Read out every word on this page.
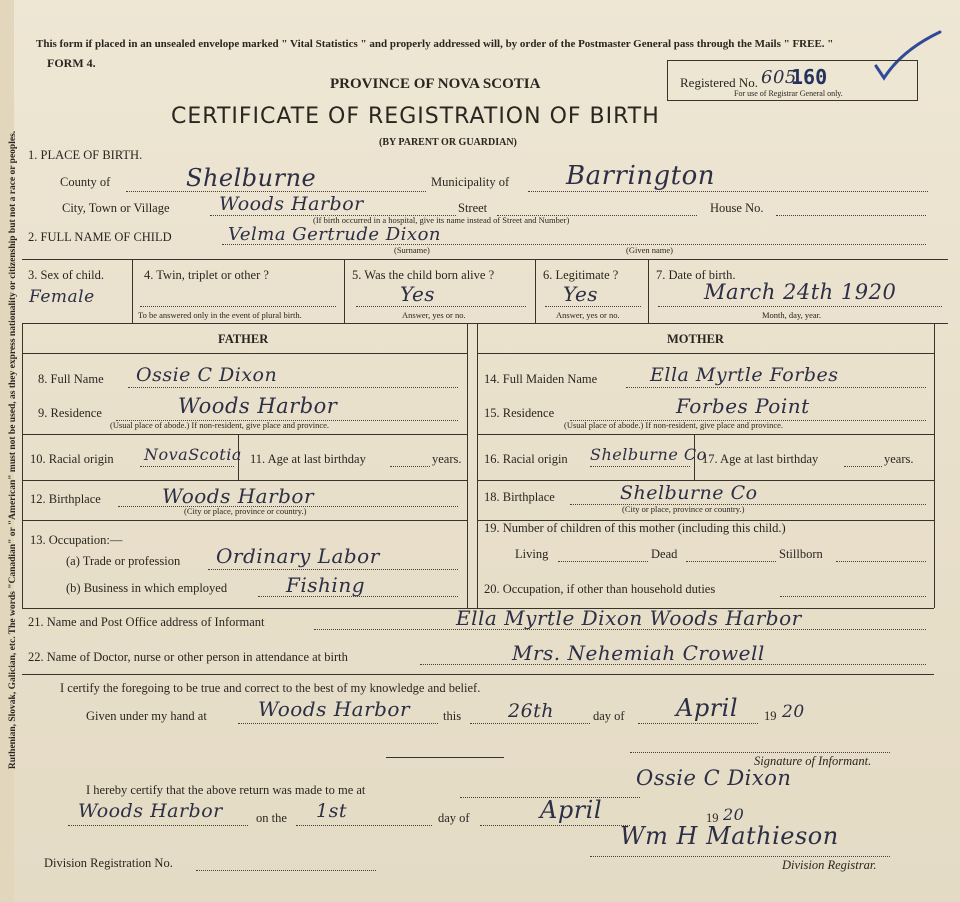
Ruthenian, Slovak, Galician, etc. The words "Canadian" or "American" must not be used, as they express nationality or citizenship but not a race or peoples.
This form if placed in an unsealed envelope marked " Vital Statistics " and properly addressed will, by order of the Postmaster General pass through the Mails " FREE. "
FORM 4.
PROVINCE OF NOVA SCOTIA
CERTIFICATE OF REGISTRATION OF BIRTH
(BY PARENT OR GUARDIAN)
Registered No. 605
160
For use of Registrar General only.
1. PLACE OF BIRTH.
County of	Shelburne	Municipality of Barrington
City, Town or Village	Woods Harbor	Street
(If birth occurred in a hospital, give its name instead of Street and Number)
House No.
2. FULL NAME OF CHILD	Velma Gertrude Dixon
(Surname)	(Given name)
3. Sex of child.
Female
4. Twin, triplet or other ?
To be answered only in the event of plural birth.
5. Was the child born alive ?
Yes
Answer, yes or no.
6. Legitimate ?
Yes
Answer, yes or no.
7. Date of birth.
March 24th 1920
Month, day, year.
FATHER	MOTHER
8. Full Name Ossie C Dixon
9. Residence	Woods Harbor
(Usual place of abode.) If non-resident, give place and province.
10. Racial origin NovaScotia 11. Age at last birthday	years.
12. Birthplace	Woods Harbor
(City or place, province or country.)
13. Occupation:—
(a) Trade or profession Ordinary Labor
(b) Business in which employed	Fishing
14. Full Maiden Name	Ella Myrtle Forbes
15. Residence	Forbes Point
(Usual place of abode.) If non-resident, give place and province.
16. Racial origin Shelburne Co
17. Age at last birthday	years.
18. Birthplace	Shelburne Co
(City or place, province or country.)
19. Number of children of this mother (including this child.)
Living	Dead	Stillborn
20. Occupation, if other than household duties
21. Name and Post Office address of Informant	Ella Myrtle Dixon Woods Harbor
22. Name of Doctor, nurse or other person in attendance at birth	Mrs. Nehemiah Crowell
I certify the foregoing to be true and correct to the best of my knowledge and belief.
Given under my hand at	Woods Harbor	this 26th	day of April 19 20
Signature of Informant.
I hereby certify that the above return was made to me at	Ossie C Dixon
Woods Harbor	on the 1st	day of	April	19 20
Division Registration No.
Wm H Mathieson
Division Registrar.
